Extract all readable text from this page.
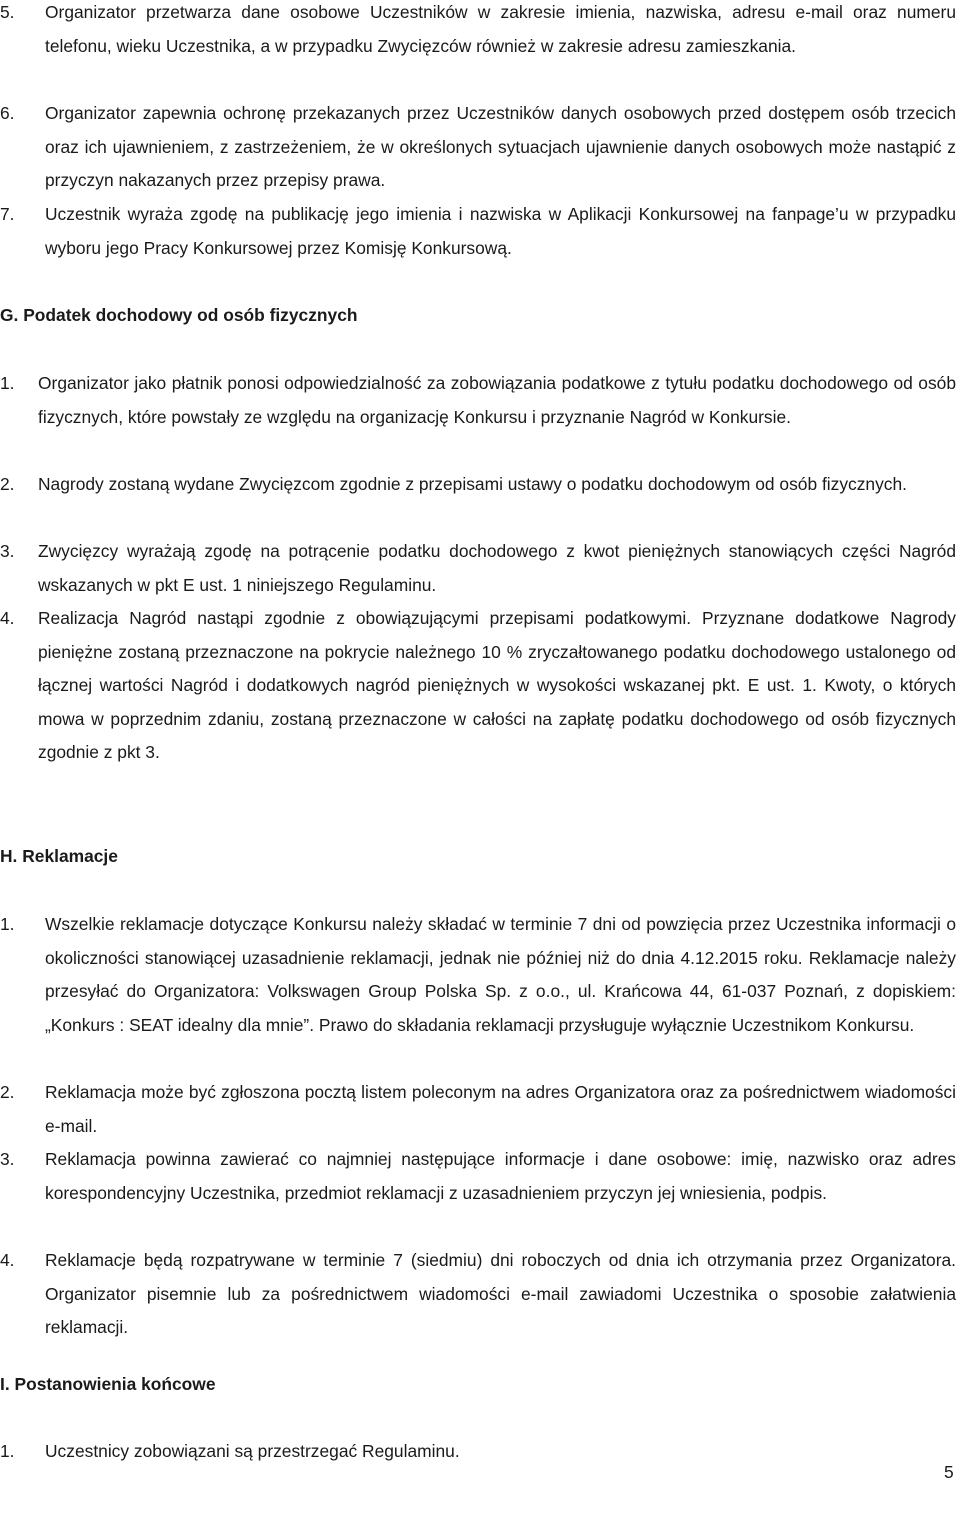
5. Organizator przetwarza dane osobowe Uczestników w zakresie imienia, nazwiska, adresu e-mail oraz numeru telefonu, wieku Uczestnika, a w przypadku Zwycięzców również w zakresie adresu zamieszkania.
6. Organizator zapewnia ochronę przekazanych przez Uczestników danych osobowych przed dostępem osób trzecich oraz ich ujawnieniem, z zastrzeżeniem, że w określonych sytuacjach ujawnienie danych osobowych może nastąpić z przyczyn nakazanych przez przepisy prawa.
7. Uczestnik wyraża zgodę na publikację jego imienia i nazwiska w Aplikacji Konkursowej na fanpage’u w przypadku wyboru jego Pracy Konkursowej przez Komisję Konkursową.
G. Podatek dochodowy od osób fizycznych
1. Organizator jako płatnik ponosi odpowiedzialność za zobowiązania podatkowe z tytułu podatku dochodowego od osób fizycznych, które powstały ze względu na organizację Konkursu i przyznanie Nagród w Konkursie.
2. Nagrody zostaną wydane Zwycięzcom zgodnie z przepisami ustawy o podatku dochodowym od osób fizycznych.
3. Zwycięzcy wyrażają zgodę na potrącenie podatku dochodowego z kwot pieniężnych stanowiących części Nagród wskazanych w pkt E ust. 1 niniejszego Regulaminu.
4. Realizacja Nagród nastąpi zgodnie z obowiązującymi przepisami podatkowymi. Przyznane dodatkowe Nagrody pieniężne zostaną przeznaczone na pokrycie należnego 10 % zryczałtowanego podatku dochodowego ustalonego od łącznej wartości Nagród i dodatkowych nagród pieniężnych w wysokości wskazanej pkt. E ust. 1. Kwoty, o których mowa w poprzednim zdaniu, zostaną przeznaczone w całości na zapłatę podatku dochodowego od osób fizycznych zgodnie z pkt 3.
H. Reklamacje
1. Wszelkie reklamacje dotyczące Konkursu należy składać w terminie 7 dni od powzięcia przez Uczestnika informacji o okoliczności stanowiącej uzasadnienie reklamacji, jednak nie później niż do dnia 4.12.2015 roku. Reklamacje należy przesyłać do Organizatora: Volkswagen Group Polska Sp. z o.o., ul. Krańcowa 44, 61-037 Poznań, z dopiskiem: „Konkurs : SEAT idealny dla mnie”. Prawo do składania reklamacji przysługuje wyłącznie Uczestnikom Konkursu.
2. Reklamacja może być zgłoszona pocztą listem poleconym na adres Organizatora oraz za pośrednictwem wiadomości e-mail.
3. Reklamacja powinna zawierać co najmniej następujące informacje i dane osobowe: imię, nazwisko oraz adres korespondencyjny Uczestnika, przedmiot reklamacji z uzasadnieniem przyczyn jej wniesienia, podpis.
4. Reklamacje będą rozpatrywane w terminie 7 (siedmiu) dni roboczych od dnia ich otrzymania przez Organizatora. Organizator pisemnie lub za pośrednictwem wiadomości e-mail zawiadomi Uczestnika o sposobie załatwienia reklamacji.
I. Postanowienia końcowe
1. Uczestnicy zobowiązani są przestrzegać Regulaminu.
5
